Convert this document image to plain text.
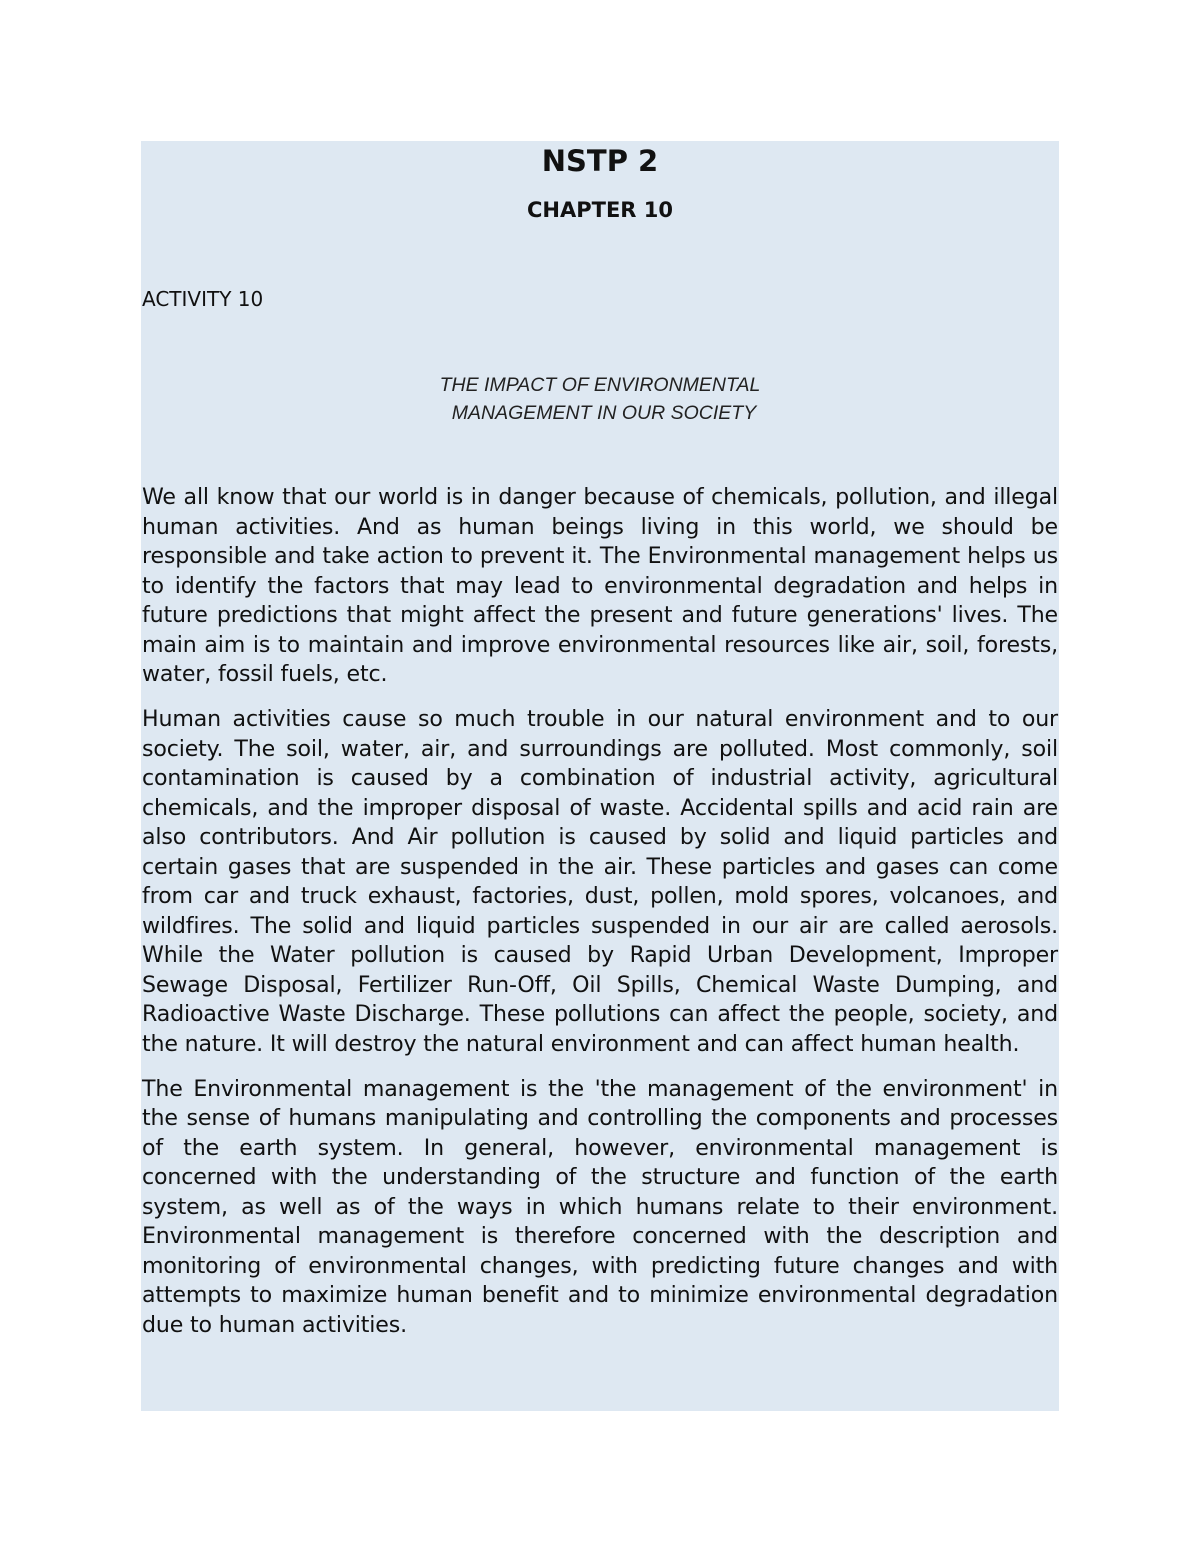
NSTP 2
CHAPTER 10

ACTIVITY 10

THE IMPACT OF ENVIRONMENTAL
MANAGEMENT IN OUR SOCIETY

We all know that our world is in danger because of chemicals, pollution, and illegal human activities. And as human beings living in this world, we should be responsible and take action to prevent it. The Environmental management helps us to identify the factors that may lead to environmental degradation and helps in future predictions that might affect the present and future generations' lives. The main aim is to maintain and improve environmental resources like air, soil, forests, water, fossil fuels, etc.

Human activities cause so much trouble in our natural environment and to our society. The soil, water, air, and surroundings are polluted. Most commonly, soil contamination is caused by a combination of industrial activity, agricultural chemicals, and the improper disposal of waste. Accidental spills and acid rain are also contributors. And Air pollution is caused by solid and liquid particles and certain gases that are suspended in the air. These particles and gases can come from car and truck exhaust, factories, dust, pollen, mold spores, volcanoes, and wildfires. The solid and liquid particles suspended in our air are called aerosols. While the Water pollution is caused by Rapid Urban Development, Improper Sewage Disposal, Fertilizer Run-Off, Oil Spills, Chemical Waste Dumping, and Radioactive Waste Discharge. These pollutions can affect the people, society, and the nature. It will destroy the natural environment and can affect human health.

The Environmental management is the 'the management of the environment' in the sense of humans manipulating and controlling the components and processes of the earth system. In general, however, environmental management is concerned with the understanding of the structure and function of the earth system, as well as of the ways in which humans relate to their environment. Environmental management is therefore concerned with the description and monitoring of environmental changes, with predicting future changes and with attempts to maximize human benefit and to minimize environmental degradation due to human activities.
